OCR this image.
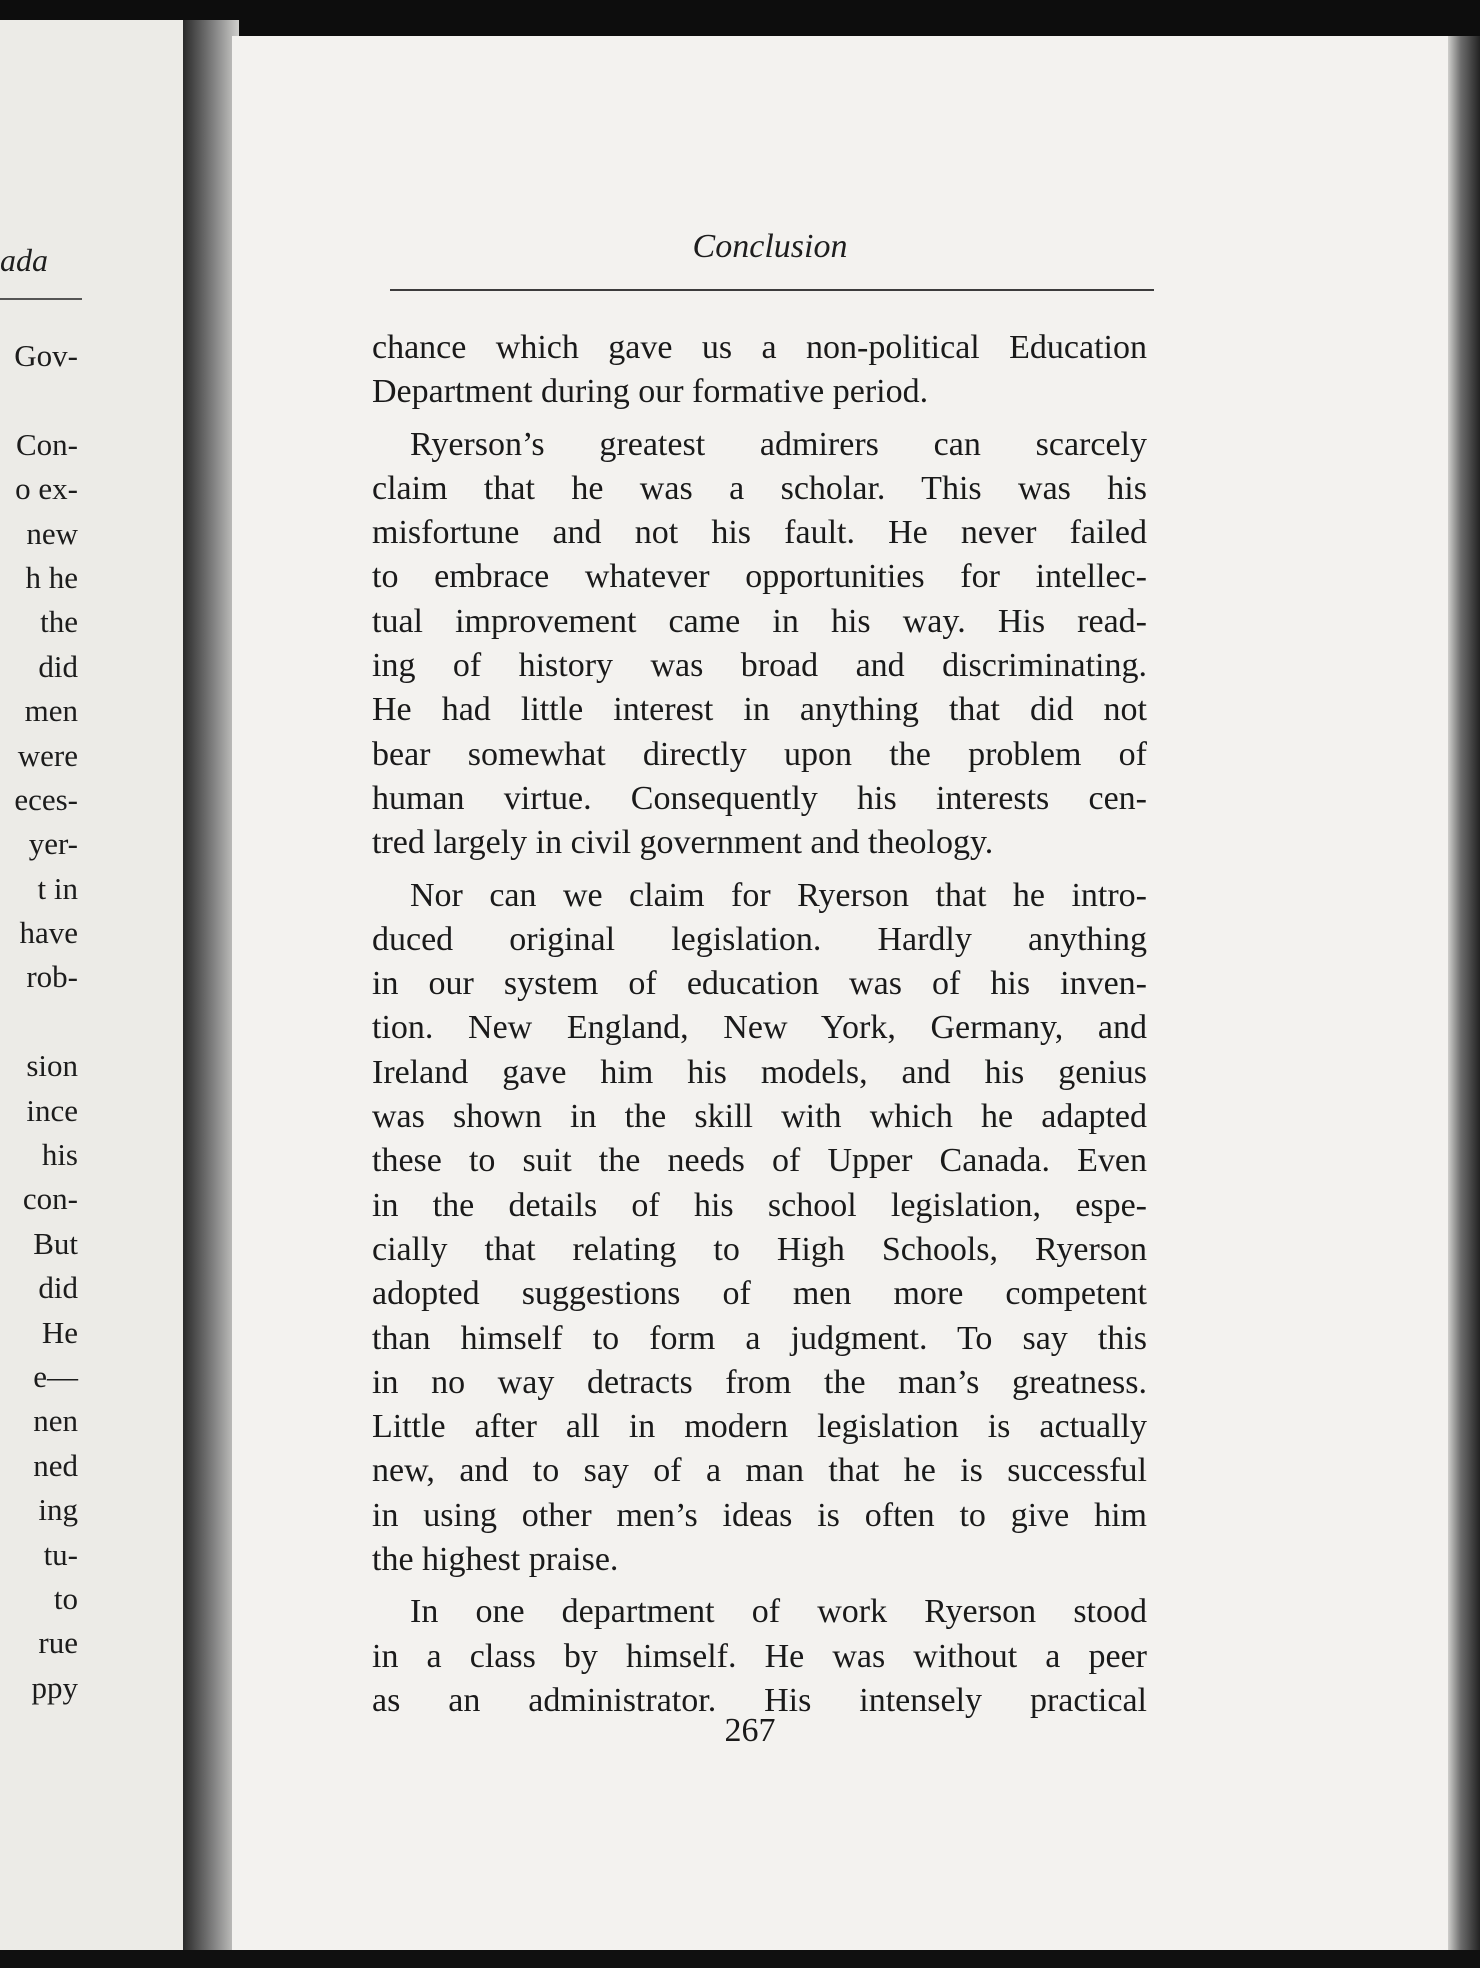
ada
Gov-
Con-
o ex-
new
h he
the
did
men
were
eces-
yer-
t in
have
rob-
sion
ince
his
con-
But
did
He
e—
nen
ned
ing
tu-
to
rue
ppy
Conclusion
chance which gave us a non-political Education
Department during our formative period.
Ryerson’s greatest admirers can scarcely
claim that he was a scholar. This was his
misfortune and not his fault. He never failed
to embrace whatever opportunities for intellec-
tual improvement came in his way. His read-
ing of history was broad and discriminating.
He had little interest in anything that did not
bear somewhat directly upon the problem of
human virtue. Consequently his interests cen-
tred largely in civil government and theology.
Nor can we claim for Ryerson that he intro-
duced original legislation. Hardly anything
in our system of education was of his inven-
tion. New England, New York, Germany, and
Ireland gave him his models, and his genius
was shown in the skill with which he adapted
these to suit the needs of Upper Canada. Even
in the details of his school legislation, espe-
cially that relating to High Schools, Ryerson
adopted suggestions of men more competent
than himself to form a judgment. To say this
in no way detracts from the man’s greatness.
Little after all in modern legislation is actually
new, and to say of a man that he is successful
in using other men’s ideas is often to give him
the highest praise.
In one department of work Ryerson stood
in a class by himself. He was without a peer
as an administrator. His intensely practical
267
